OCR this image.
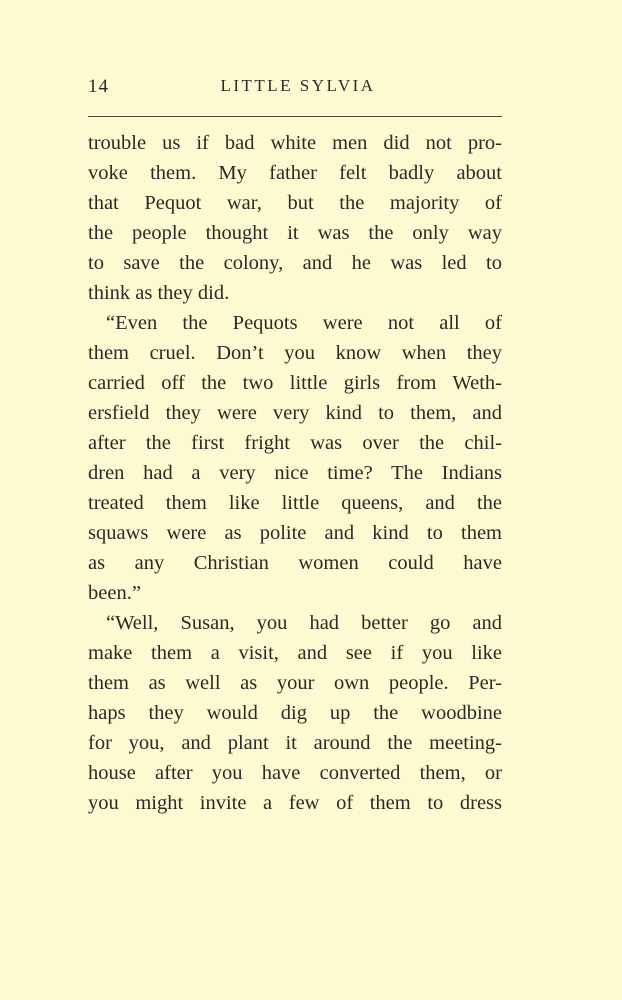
14	LITTLE SYLVIA
trouble us if bad white men did not pro-
voke them. My father felt badly about
that Pequot war, but the majority of
the people thought it was the only way
to save the colony, and he was led to
think as they did.
“Even the Pequots were not all of
them cruel. Don’t you know when they
carried off the two little girls from Weth-
ersfield they were very kind to them, and
after the first fright was over the chil-
dren had a very nice time? The Indians
treated them like little queens, and the
squaws were as polite and kind to them
as any Christian women could have
been.”
“Well, Susan, you had better go and
make them a visit, and see if you like
them as well as your own people. Per-
haps they would dig up the woodbine
for you, and plant it around the meeting-
house after you have converted them, or
you might invite a few of them to dress
